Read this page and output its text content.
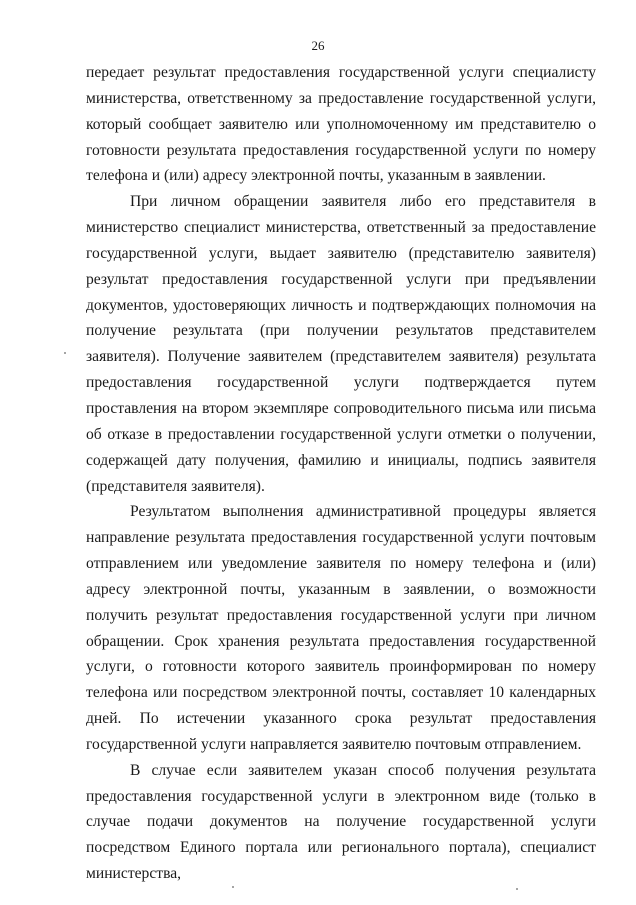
26

передает результат предоставления государственной услуги специалисту министерства, ответственному за предоставление государственной услуги, который сообщает заявителю или уполномоченному им представителю о готовности результата предоставления государственной услуги по номеру телефона и (или) адресу электронной почты, указанным в заявлении.

При личном обращении заявителя либо его представителя в министерство специалист министерства, ответственный за предоставление государственной услуги, выдает заявителю (представителю заявителя) результат предоставления государственной услуги при предъявлении документов, удостоверяющих личность и подтверждающих полномочия на получение результата (при получении результатов представителем заявителя). Получение заявителем (представителем заявителя) результата предоставления государственной услуги подтверждается путем проставления на втором экземпляре сопроводительного письма или письма об отказе в предоставлении государственной услуги отметки о получении, содержащей дату получения, фамилию и инициалы, подпись заявителя (представителя заявителя).

Результатом выполнения административной процедуры является направление результата предоставления государственной услуги почтовым отправлением или уведомление заявителя по номеру телефона и (или) адресу электронной почты, указанным в заявлении, о возможности получить результат предоставления государственной услуги при личном обращении. Срок хранения результата предоставления государственной услуги, о готовности которого заявитель проинформирован по номеру телефона или посредством электронной почты, составляет 10 календарных дней. По истечении указанного срока результат предоставления государственной услуги направляется заявителю почтовым отправлением.

В случае если заявителем указан способ получения результата предоставления государственной услуги в электронном виде (только в случае подачи документов на получение государственной услуги посредством Единого портала или регионального портала), специалист министерства,
